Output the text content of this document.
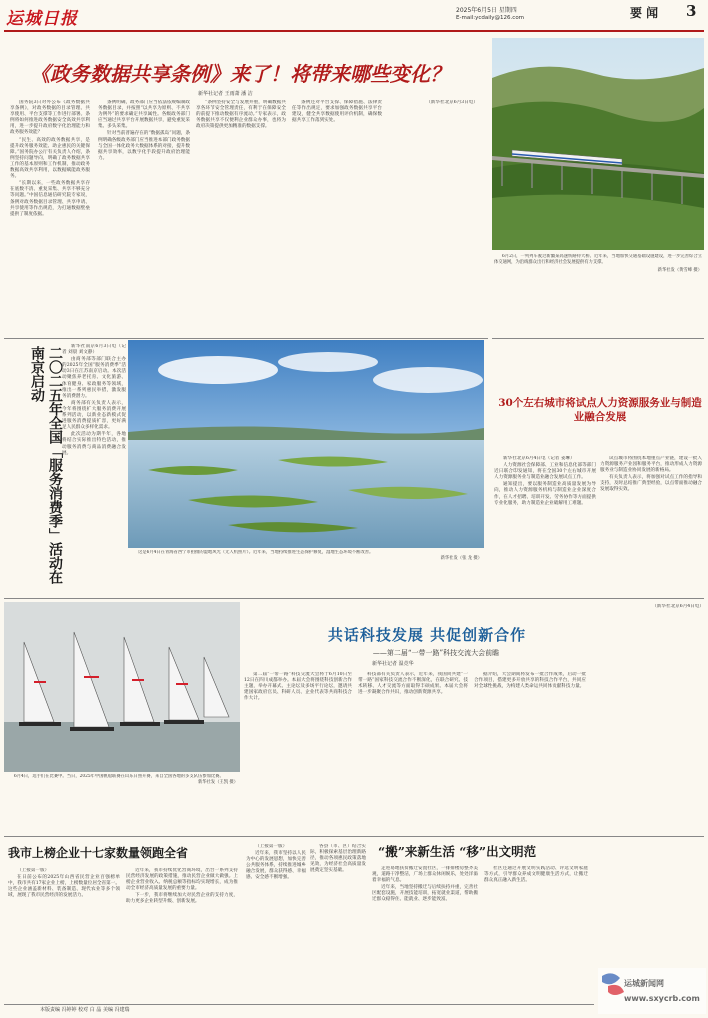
运城日报	2025年6月5日 星期四
E-mail:ycdaily@126.com	要 闻	3
《政务数据共享条例》来了！将带来哪些变化？
新华社记者 王雨萧 潘 洁

国务院3日对外公布《政务数据共享条例》，对政务数据的目录管理、共享使用、平台支撑等工作进行部署。条例将如何推进政务数据安全高效共享利用，进一步提升政府数字化治理能力和政务服务效能？

“民生、高效的政务数据共享，是提升政务服务效能、助企惠民的关键保障。”国务院办公厅有关负责人介绍，条例坚持问题导向，明确了政务数据共享工作的基本原则和工作机制，推动政务数据高效共享利用，以数据赋能政务服务。

“长期以来，一些政务数据共享存在底数不清、重复采集、共享不够充分等问题。”中国信息通信研究院专家说，条例对政务数据目录管理、共享申请、共享使用等作出规范，为打通数据壁垒提供了制度依据。

条例明确，政务部门应当依法依规编制政务数据目录，并按照“以共享为原则、不共享为例外”的要求确定共享属性。各级政务部门应当通过共享平台开展数据共享，避免重复采集、多头采集。

针对当前普遍存在的“数据孤岛”问题，条例明确各级政务部门应当推进本部门政务数据与全国一体化政务大数据体系的对接，提升数据共享效率，以数字化手段提升政府治理能力。

“条例坚持安全与发展并重，明确数据共享各环节安全管理责任，有利于在保障安全的前提下推动数据有序流动。”专家表示，政务数据共享不仅便利企业群众办事，也将为政府决策提供更加精准的数据支撑。

条例还对平台支撑、保障措施、法律责任等作出规定，要求加强政务数据共享平台建设，健全共享数据使用评价机制，确保数据共享工作落到实处。

（新华社北京6月3日电）

6月2日，一列列车驶过新疆某高速铁路特大桥。近年来，当地加快交通基础设施建设，进一步完善综合立体交通网，为沿线群众出行和经济社会发展提供有力支撑。

新华社发（黄雪峰 摄）
二〇二五年全国「服务消费季」活动在南京启动	新华社南京6月3日电（记者 刘晨 刘文静）

由商务部等部门联合主办的2025年全国“服务消费季”活动3日在江苏南京启动。本次活动聚焦养老托育、文化旅游、体育健身、家政服务等领域，推出一系列惠民举措，激发服务消费潜力。

商务部有关负责人表示，今年将围绕扩大服务消费开展系列活动，以新业态新模式促进服务消费提质扩容，更好满足人民群众多样化需求。

此次活动为期半年，各地将结合实际推出特色活动，推动服务消费与商品消费融合发展。

这是6月4日在青海省西宁市拍摄的湿地风光（无人机照片）。近年来，当地持续推进生态保护修复，湿地生态环境不断改善。

新华社发（张 龙 摄）
30个左右城市将试点人力资源服务业与制造业融合发展

新华社北京6月4日电（记者 姜琳）

人力资源社会保障部、工业和信息化部等部门近日联合印发通知，将在全国30个左右城市开展人力资源服务业与制造业融合发展试点工作。

通知提出，要以服务制造业高质量发展为导向，推动人力资源服务机构与制造业企业深度合作，在人才招聘、培训开发、劳务协作等方面提供专业化服务，助力制造业企业破解用工难题。

试点城市将围绕本地重点产业链，建设一批人力资源服务产业园和服务平台，推动形成人力资源服务业与制造业协同发展的新格局。

有关负责人表示，将加强对试点工作的指导和支持，及时总结推广典型经验，以点带面推动融合发展取得实效。

6月4日，选手们在比赛中。当日，2025年中国帆船联赛在山东日照开赛，来自全国各地的多支队伍参加比赛。

新华社发（王凯 摄）
共话科技发展 共促创新合作
——第二届“一带一路”科技交流大会前瞻
新华社记者 温竞华

第二届“一带一路”科技交流大会将于6月10日至12日在四川成都举办。本届大会将围绕科技创新合作主题，举办开幕式、主论坛及多场平行论坛，邀请共建国家政府官员、科研人员、企业代表等共商科技合作大计。

科技部有关负责人表示，近年来，我国同共建“一带一路”国家科技交流合作不断深化，在联合研究、技术转移、人才交流等方面取得丰硕成果。本届大会将进一步凝聚合作共识，推动创新资源共享。

据介绍，大会期间将发布一批合作成果，启动一批合作项目，搭建更多开放共享的科技合作平台，共同应对全球性挑战，为构建人类命运共同体贡献科技力量。

（新华社北京6月4日电）

我市上榜企业十七家数量领跑全省

（上接第一版）

在日前公布的2025年山西省民营企业百强榜单中，我市共有17家企业上榜，上榜数量位居全省第一。这些企业涵盖新材料、装备制造、现代农业等多个领域，展现了我市民营经济的发展活力。

近年来，我市持续优化营商环境，出台一系列支持民营经济发展的政策措施，推动民营企业做大做强。上榜企业营业收入、纳税总额等指标均实现增长，成为推动全市经济高质量发展的重要力量。

下一步，我市将继续加大对民营企业的支持力度，助力更多企业转型升级、创新发展。

（上接第一版）

近年来，我市坚持以人民为中心的发展思想，加快完善公共服务体系，持续推进城乡融合发展，群众获得感、幸福感、安全感不断增强。

各县（市、区）结合实际，积极探索基层治理新路径，推动各项惠民政策落地见效，为经济社会高质量发展奠定坚实基础。

“搬”来新生活 “移”出文明范

走进易地扶贫搬迁安置社区，一排排楼房整齐美观，道路干净整洁，广场上群众休闲娱乐，处处洋溢着幸福的气息。

近年来，当地坚持搬迁与后续扶持并重，完善社区配套设施，开展技能培训，拓宽就业渠道，帮助搬迁群众稳得住、能就业、逐步能致富。

社区还通过开展文明实践活动、评选文明家庭等方式，引导群众养成文明健康生活方式，让搬迁群众真正融入新生活。

运城新闻网 www.sxycrb.com
本版责编 冯婷婷 校对 白 晶 美编 冯建瑞
